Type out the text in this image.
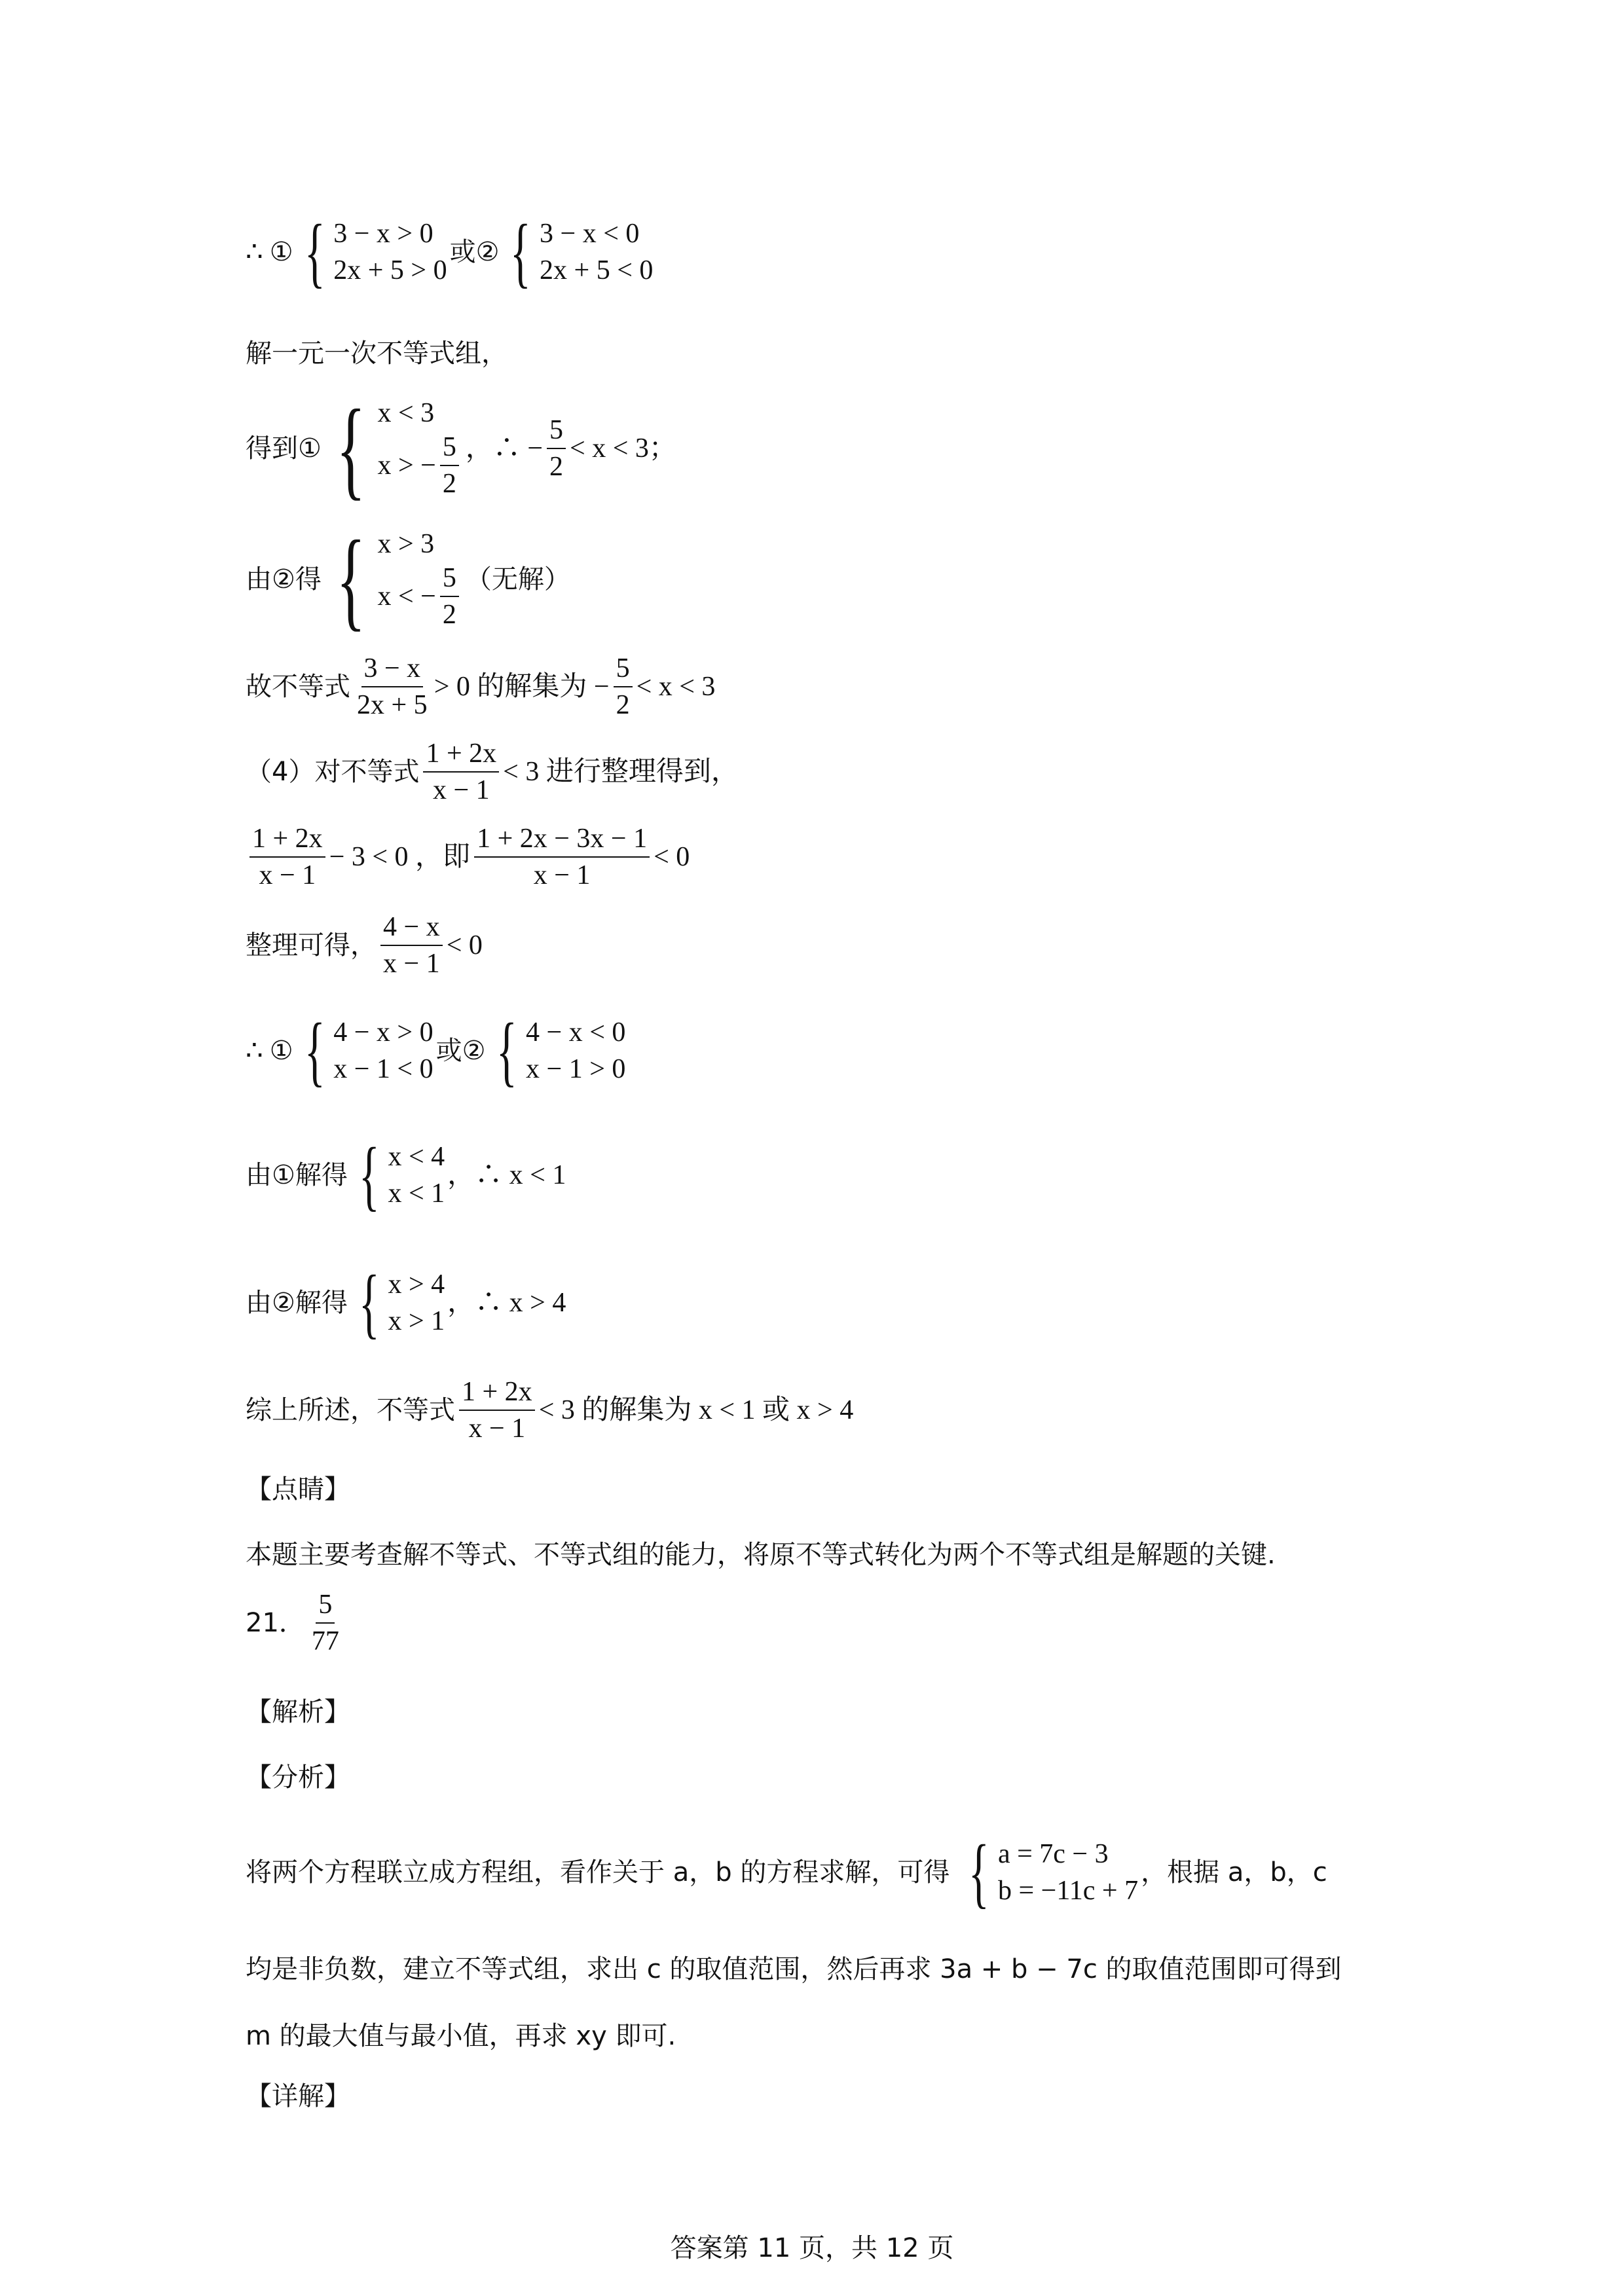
∴ ① { 3 − x > 0
2x + 5 > 0
或② { 3 − x < 0
2x + 5 < 0
解一元一次不等式组，
得到① { x < 3
x > − $\frac{5}{2}$ ，∴ − $\frac{5}{2} < x < 3$；
由②得 { x > 3
x < − $\frac{5}{2}$ （无解）
故不等式 $\frac{3 - x}{2x + 5} > 0$ 的解集为 − $\frac{5}{2} < x < 3$
（4）对不等式 $\frac{1 + 2x}{x - 1} < 3$ 进行整理得到，
$\frac{1 + 2x}{x - 1} - 3 < 0$ ，即 $\frac{1 + 2x - 3x - 1}{x - 1} < 0$
整理可得， $\frac{4 - x}{x - 1} < 0$
∴ ① { 4 − x > 0
x − 1 < 0
或② { 4 − x < 0
x − 1 > 0
由①解得 { x < 4
x < 1
，∴ x < 1
由②解得 { x > 4
x > 1
，∴ x > 4
综上所述，不等式 $\frac{1 + 2x}{x - 1} < 3$ 的解集为 x < 1 或 x > 4
【点睛】
本题主要考查解不等式、不等式组的能力，将原不等式转化为两个不等式组是解题的关键.
21． $\frac{5}{77}$
【解析】
【分析】
将两个方程联立成方程组，看作关于 a，b 的方程求解，可得 { a = 7c − 3
b = −11c + 7
，根据 a，b，c
均是非负数，建立不等式组，求出 c 的取值范围，然后再求 3a + b − 7c 的取值范围即可得到
m 的最大值与最小值，再求 xy 即可.
【详解】
答案第 11 页，共 12 页
